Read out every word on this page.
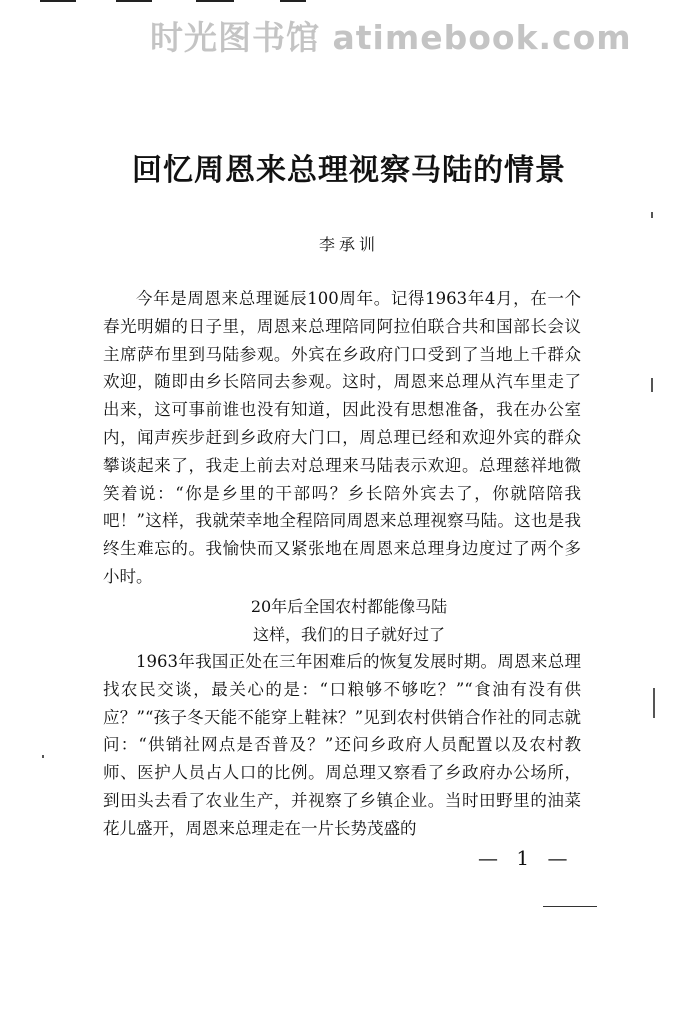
时光图书馆 atimebook.com
回忆周恩来总理视察马陆的情景
李承训

今年是周恩来总理诞辰100周年。记得1963年4月，在一个春光明媚的日子里，周恩来总理陪同阿拉伯联合共和国部长会议主席萨布里到马陆参观。外宾在乡政府门口受到了当地上千群众欢迎，随即由乡长陪同去参观。这时，周恩来总理从汽车里走了出来，这可事前谁也没有知道，因此没有思想准备，我在办公室内，闻声疾步赶到乡政府大门口，周总理已经和欢迎外宾的群众攀谈起来了，我走上前去对总理来马陆表示欢迎。总理慈祥地微笑着说：“你是乡里的干部吗？乡长陪外宾去了，你就陪陪我吧！”这样，我就荣幸地全程陪同周恩来总理视察马陆。这也是我终生难忘的。我愉快而又紧张地在周恩来总理身边度过了两个多小时。

20年后全国农村都能像马陆
这样，我们的日子就好过了

1963年我国正处在三年困难后的恢复发展时期。周恩来总理找农民交谈，最关心的是：“口粮够不够吃？”“食油有没有供应？”“孩子冬天能不能穿上鞋袜？”见到农村供销合作社的同志就问：“供销社网点是否普及？”还问乡政府人员配置以及农村教师、医护人员占人口的比例。周总理又察看了乡政府办公场所，到田头去看了农业生产，并视察了乡镇企业。当时田野里的油菜花儿盛开，周恩来总理走在一片长势茂盛的

— 1 —
